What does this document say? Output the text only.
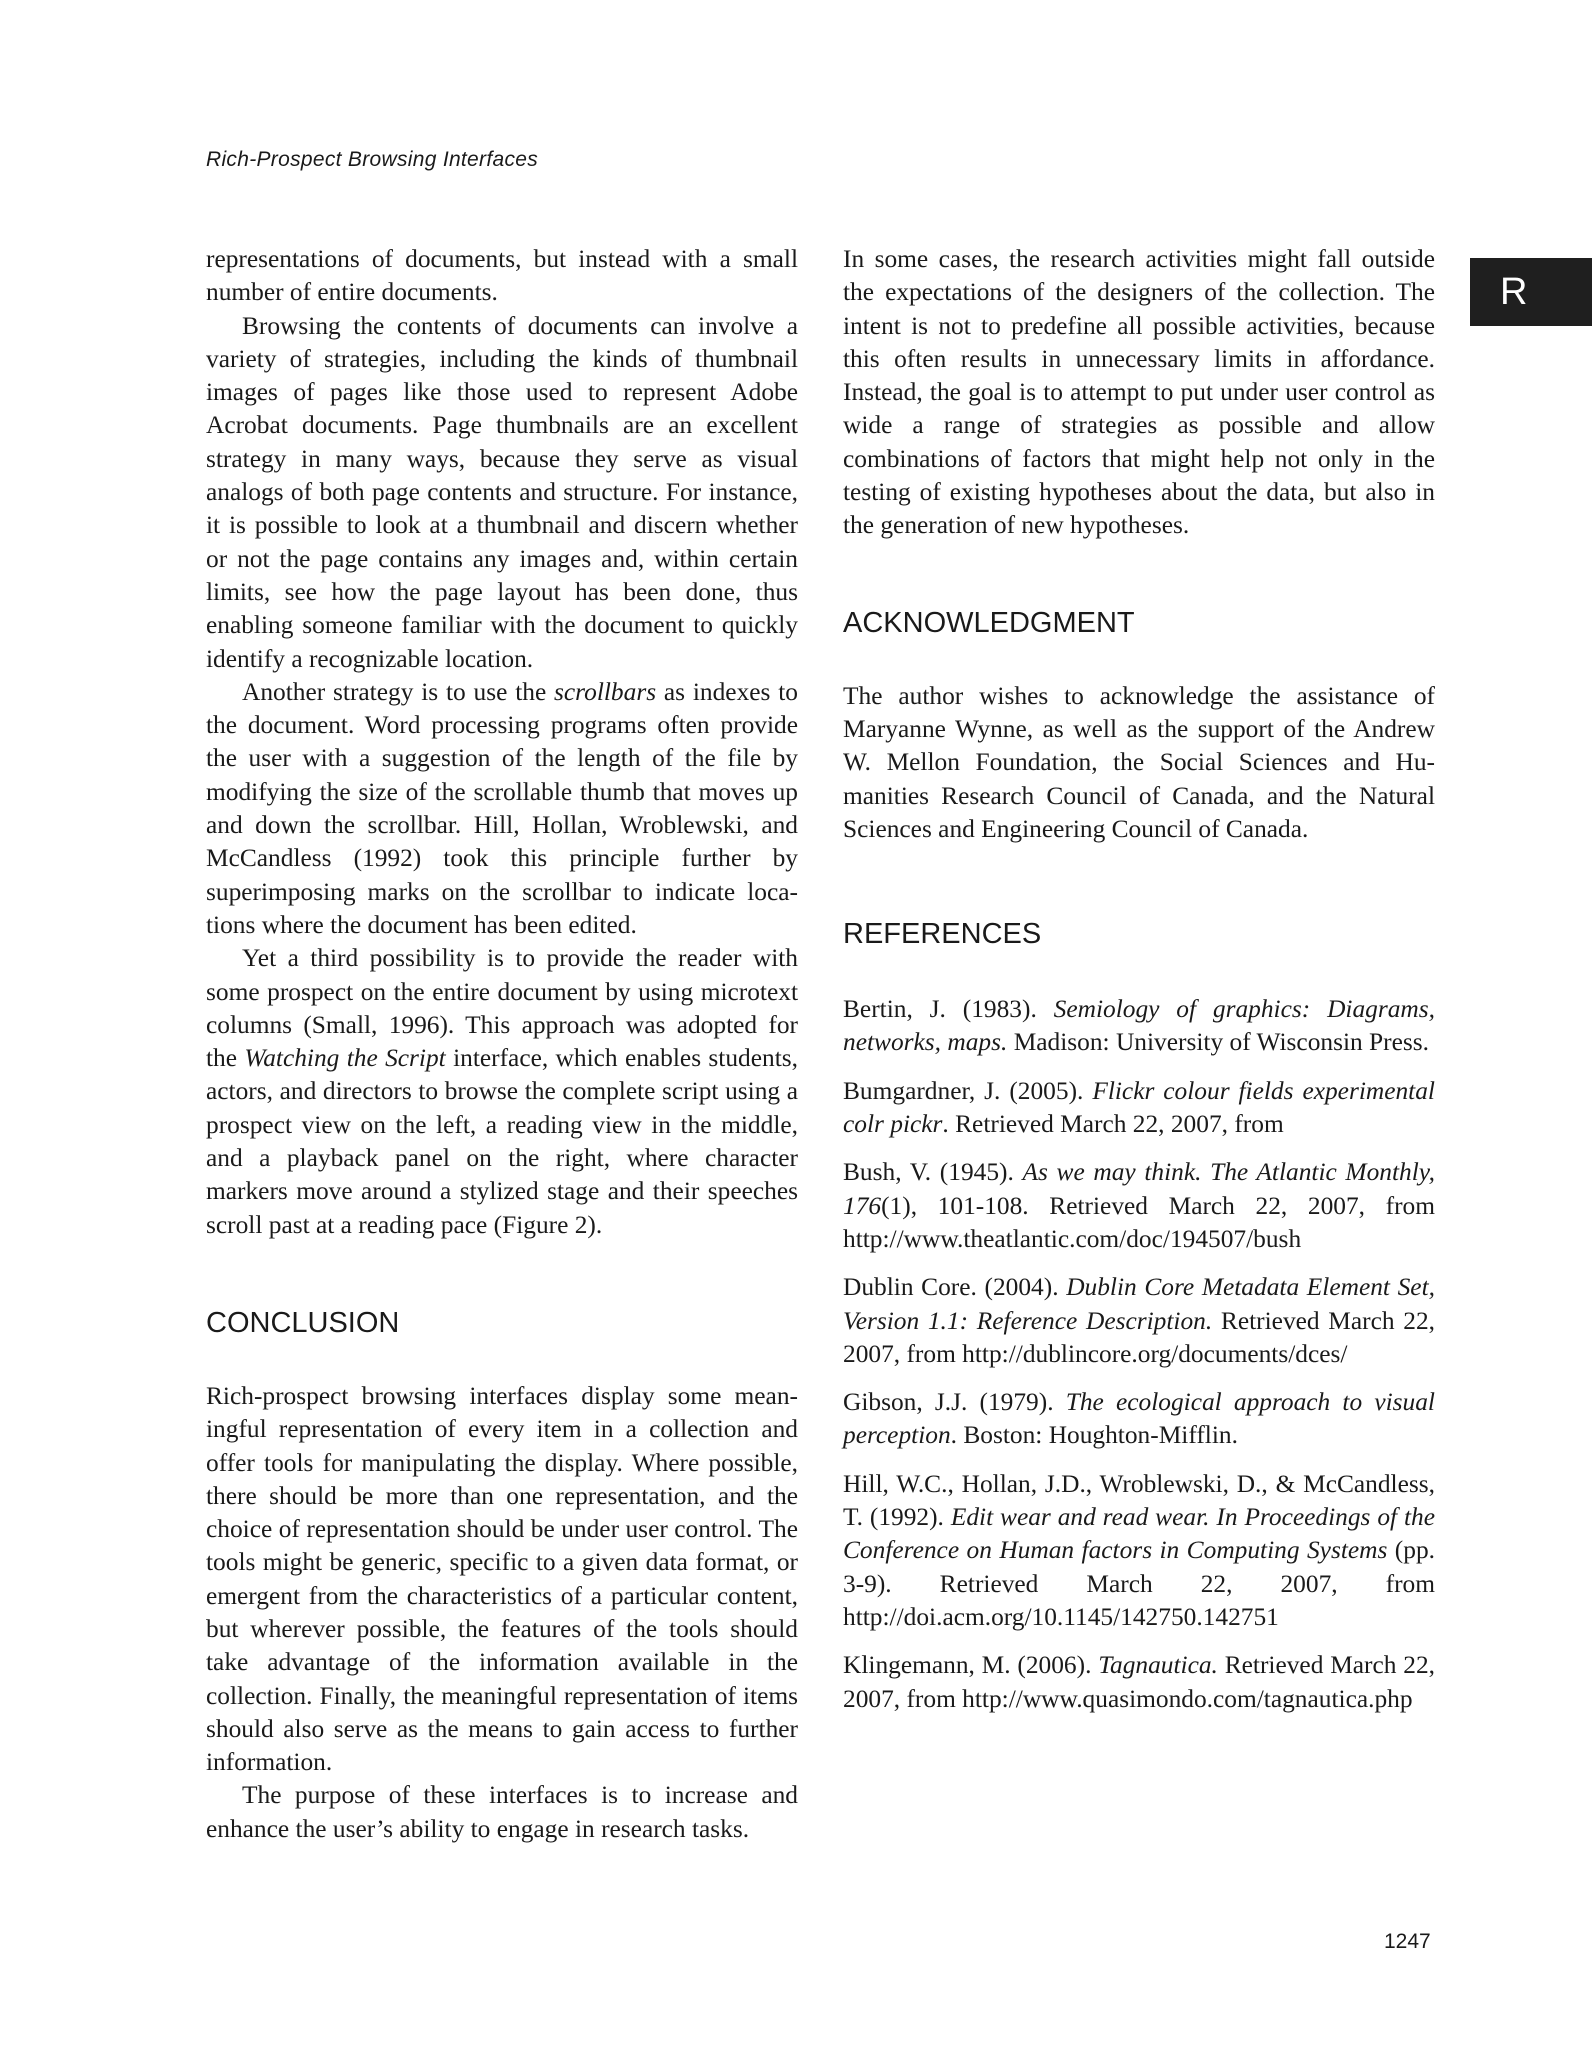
Rich-Prospect Browsing Interfaces
R

representations of documents, but instead with a small number of entire documents.

Browsing the contents of documents can involve a variety of strategies, including the kinds of thumbnail images of pages like those used to represent Adobe Acrobat documents. Page thumbnails are an excellent strategy in many ways, because they serve as visual analogs of both page contents and structure. For instance, it is possible to look at a thumbnail and discern whether or not the page contains any images and, within certain limits, see how the page layout has been done, thus enabling someone familiar with the document to quickly identify a recognizable location.

Another strategy is to use the scrollbars as indexes to the document. Word processing programs often provide the user with a suggestion of the length of the file by modifying the size of the scrollable thumb that moves up and down the scrollbar. Hill, Hollan, Wroblewski, and McCandless (1992) took this principle further by superimposing marks on the scrollbar to indicate locations where the document has been edited.

Yet a third possibility is to provide the reader with some prospect on the entire document by using microtext columns (Small, 1996). This approach was adopted for the Watching the Script interface, which enables students, actors, and directors to browse the complete script using a prospect view on the left, a reading view in the middle, and a playback panel on the right, where character markers move around a stylized stage and their speeches scroll past at a reading pace (Figure 2).

CONCLUSION

Rich-prospect browsing interfaces display some meaningful representation of every item in a collection and offer tools for manipulating the display. Where possible, there should be more than one representation, and the choice of representation should be under user control. The tools might be generic, specific to a given data format, or emergent from the characteristics of a particular content, but wherever possible, the features of the tools should take advantage of the information available in the collection. Finally, the meaningful representation of items should also serve as the means to gain access to further information.

The purpose of these interfaces is to increase and enhance the user’s ability to engage in research tasks.

In some cases, the research activities might fall outside the expectations of the designers of the collection. The intent is not to predefine all possible activities, because this often results in unnecessary limits in affordance. Instead, the goal is to attempt to put under user control as wide a range of strategies as possible and allow combinations of factors that might help not only in the testing of existing hypotheses about the data, but also in the generation of new hypotheses.

ACKNOWLEDGMENT

The author wishes to acknowledge the assistance of Maryanne Wynne, as well as the support of the Andrew W. Mellon Foundation, the Social Sciences and Humanities Research Council of Canada, and the Natural Sciences and Engineering Council of Canada.

REFERENCES
Bertin, J. (1983). Semiology of graphics: Diagrams, networks, maps. Madison: University of Wisconsin Press.
Bumgardner, J. (2005). Flickr colour fields experimental colr pickr. Retrieved March 22, 2007, from
Bush, V. (1945). As we may think. The Atlantic Monthly, 176(1), 101-108. Retrieved March 22, 2007, from http://www.theatlantic.com/doc/194507/bush
Dublin Core. (2004). Dublin Core Metadata Element Set, Version 1.1: Reference Description. Retrieved March 22, 2007, from http://dublincore.org/documents/dces/
Gibson, J.J. (1979). The ecological approach to visual perception. Boston: Houghton-Mifflin.
Hill, W.C., Hollan, J.D., Wroblewski, D., & McCandless, T. (1992). Edit wear and read wear. In Proceedings of the Conference on Human factors in Computing Systems (pp. 3-9). Retrieved March 22, 2007, from http://doi.acm.org/10.1145/142750.142751
Klingemann, M. (2006). Tagnautica. Retrieved March 22, 2007, from http://www.quasimondo.com/tagnautica.php
1247
